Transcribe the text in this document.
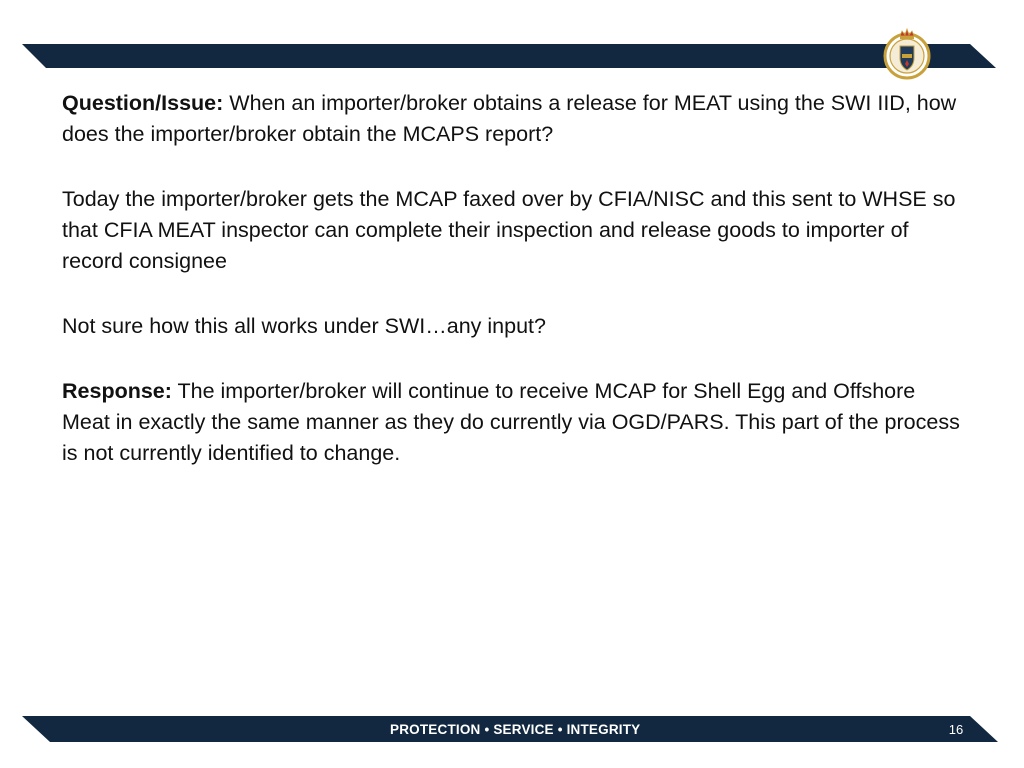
Question/Issue: When an importer/broker obtains a release for MEAT using the SWI IID, how does the importer/broker obtain the MCAPS report?

Today the importer/broker gets the MCAP faxed over by CFIA/NISC and this sent to WHSE so that CFIA MEAT inspector can complete their inspection and release goods to importer of record consignee

Not sure how this all works under SWI…any input?

Response: The importer/broker will continue to receive MCAP for Shell Egg and Offshore Meat in exactly the same manner as they do currently via OGD/PARS. This part of the process is not currently identified to change.

PROTECTION • SERVICE • INTEGRITY	16
